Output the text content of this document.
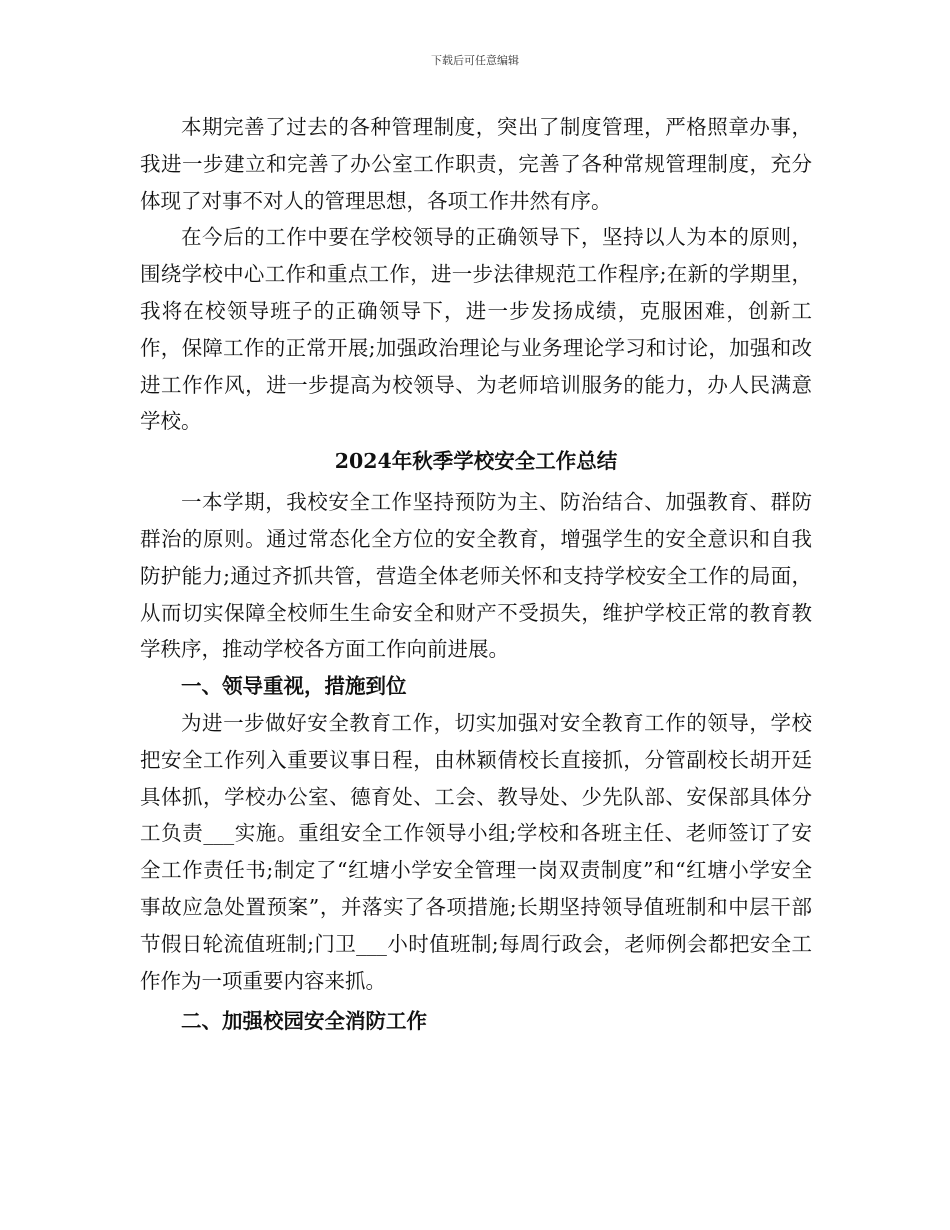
下载后可任意编辑

本期完善了过去的各种管理制度，突出了制度管理，严格照章办事，我进一步建立和完善了办公室工作职责，完善了各种常规管理制度，充分体现了对事不对人的管理思想，各项工作井然有序。

在今后的工作中要在学校领导的正确领导下，坚持以人为本的原则，围绕学校中心工作和重点工作，进一步法律规范工作程序;在新的学期里，我将在校领导班子的正确领导下，进一步发扬成绩，克服困难，创新工作，保障工作的正常开展;加强政治理论与业务理论学习和讨论，加强和改进工作作风，进一步提高为校领导、为老师培训服务的能力，办人民满意学校。

2024年秋季学校安全工作总结

一本学期，我校安全工作坚持预防为主、防治结合、加强教育、群防群治的原则。通过常态化全方位的安全教育，增强学生的安全意识和自我防护能力;通过齐抓共管，营造全体老师关怀和支持学校安全工作的局面，从而切实保障全校师生生命安全和财产不受损失，维护学校正常的教育教学秩序，推动学校各方面工作向前进展。

一、领导重视，措施到位

为进一步做好安全教育工作，切实加强对安全教育工作的领导，学校把安全工作列入重要议事日程，由林颖倩校长直接抓，分管副校长胡开廷具体抓，学校办公室、德育处、工会、教导处、少先队部、安保部具体分工负责___实施。重组安全工作领导小组;学校和各班主任、老师签订了安全工作责任书;制定了“红塘小学安全管理一岗双责制度”和“红塘小学安全事故应急处置预案”，并落实了各项措施;长期坚持领导值班制和中层干部节假日轮流值班制;门卫___小时值班制;每周行政会，老师例会都把安全工作作为一项重要内容来抓。

二、加强校园安全消防工作
